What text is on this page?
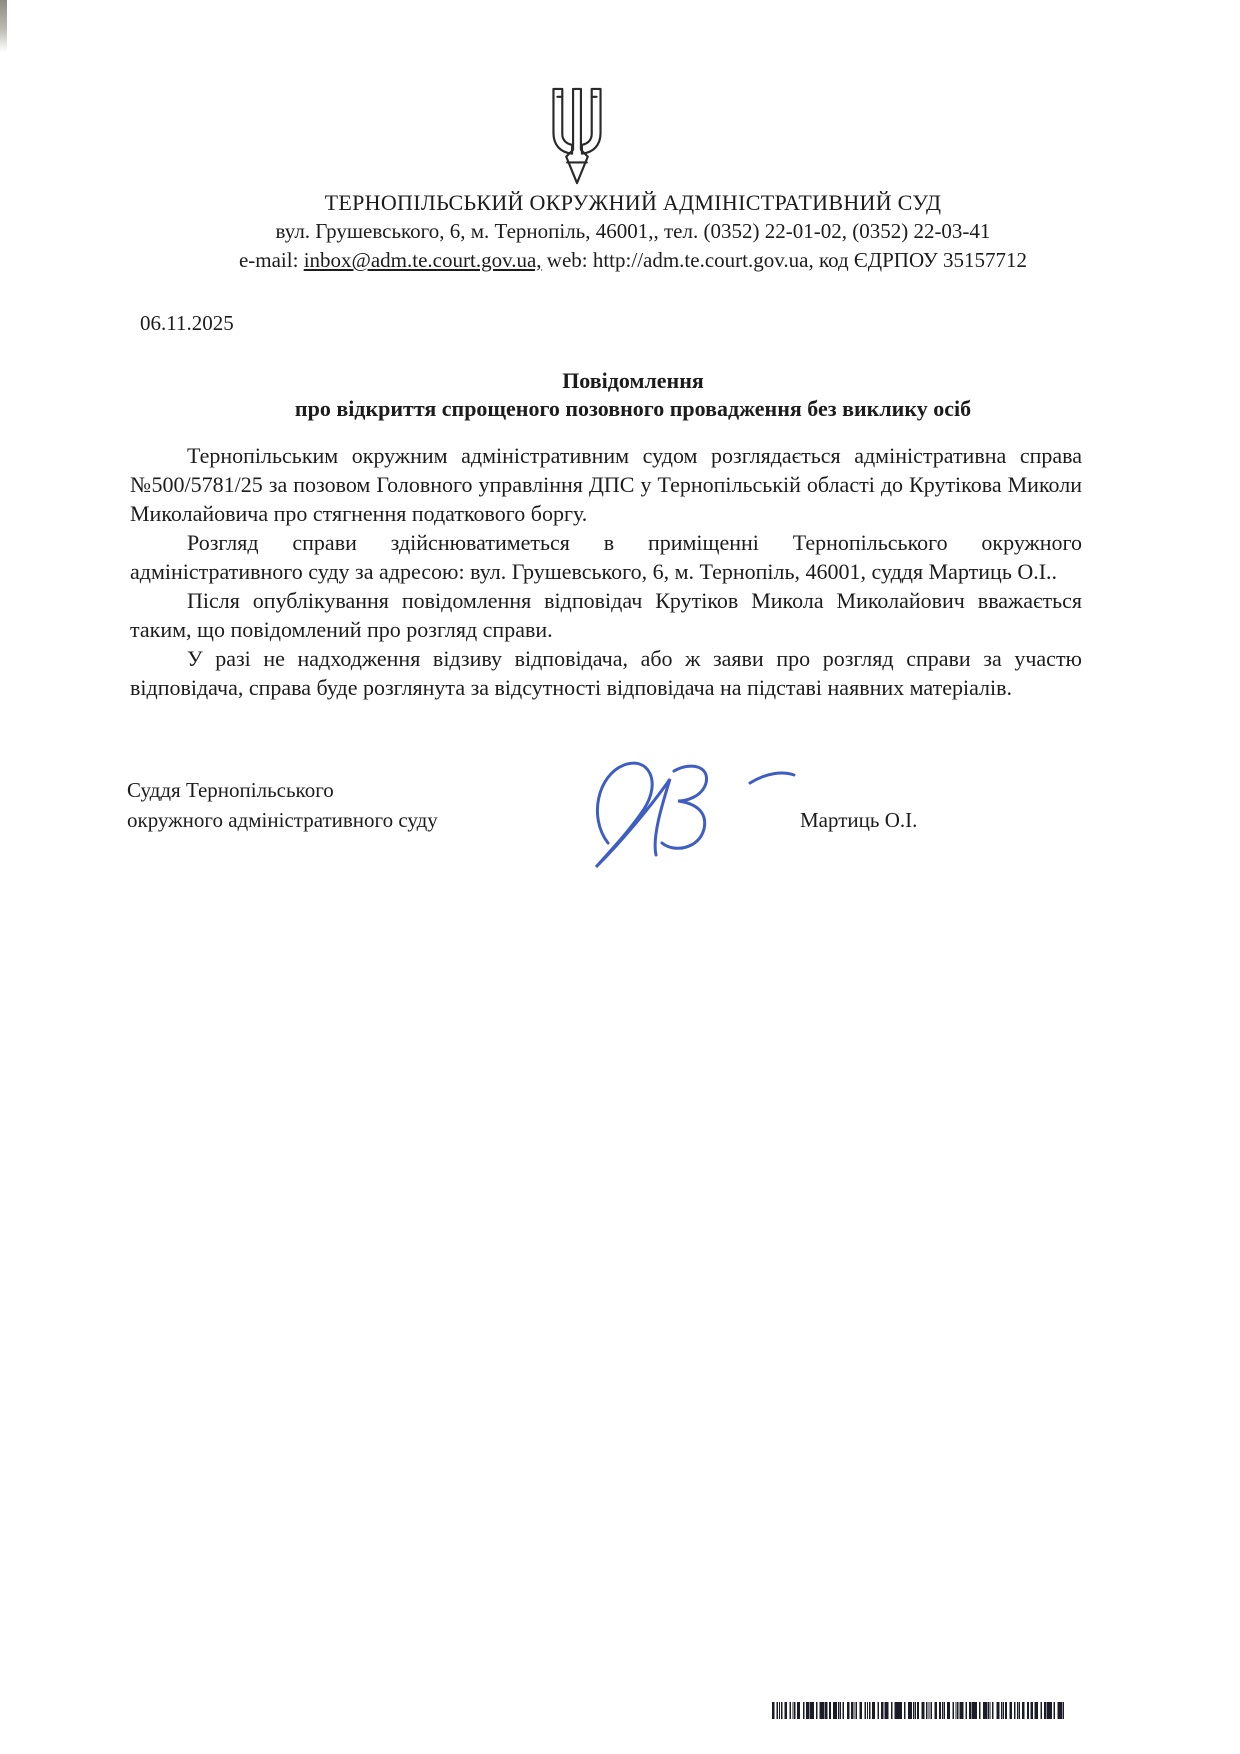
ТЕРНОПІЛЬСЬКИЙ ОКРУЖНИЙ АДМІНІСТРАТИВНИЙ СУД
вул. Грушевського, 6, м. Тернопіль, 46001,, тел. (0352) 22-01-02, (0352) 22-03-41
e-mail: inbox@adm.te.court.gov.ua, web: http://adm.te.court.gov.ua, код ЄДРПОУ 35157712
06.11.2025
Повідомлення
про відкриття спрощеного позовного провадження без виклику осіб

Тернопільським окружним адміністративним судом розглядається адміністративна справа №500/5781/25 за позовом Головного управління ДПС у Тернопільській області до Крутікова Миколи Миколайовича про стягнення податкового боргу.

Розгляд справи здійснюватиметься в приміщенні Тернопільського окружного адміністративного суду за адресою: вул. Грушевського, 6, м. Тернопіль, 46001, суддя Мартиць О.І..

Після опублікування повідомлення відповідач Крутіков Микола Миколайович вважається таким, що повідомлений про розгляд справи.

У разі не надходження відзиву відповідача, або ж заяви про розгляд справи за участю відповідача, справа буде розглянута за відсутності відповідача на підставі наявних матеріалів.

Суддя Тернопільського
окружного адміністративного суду	Мартиць О.І.
